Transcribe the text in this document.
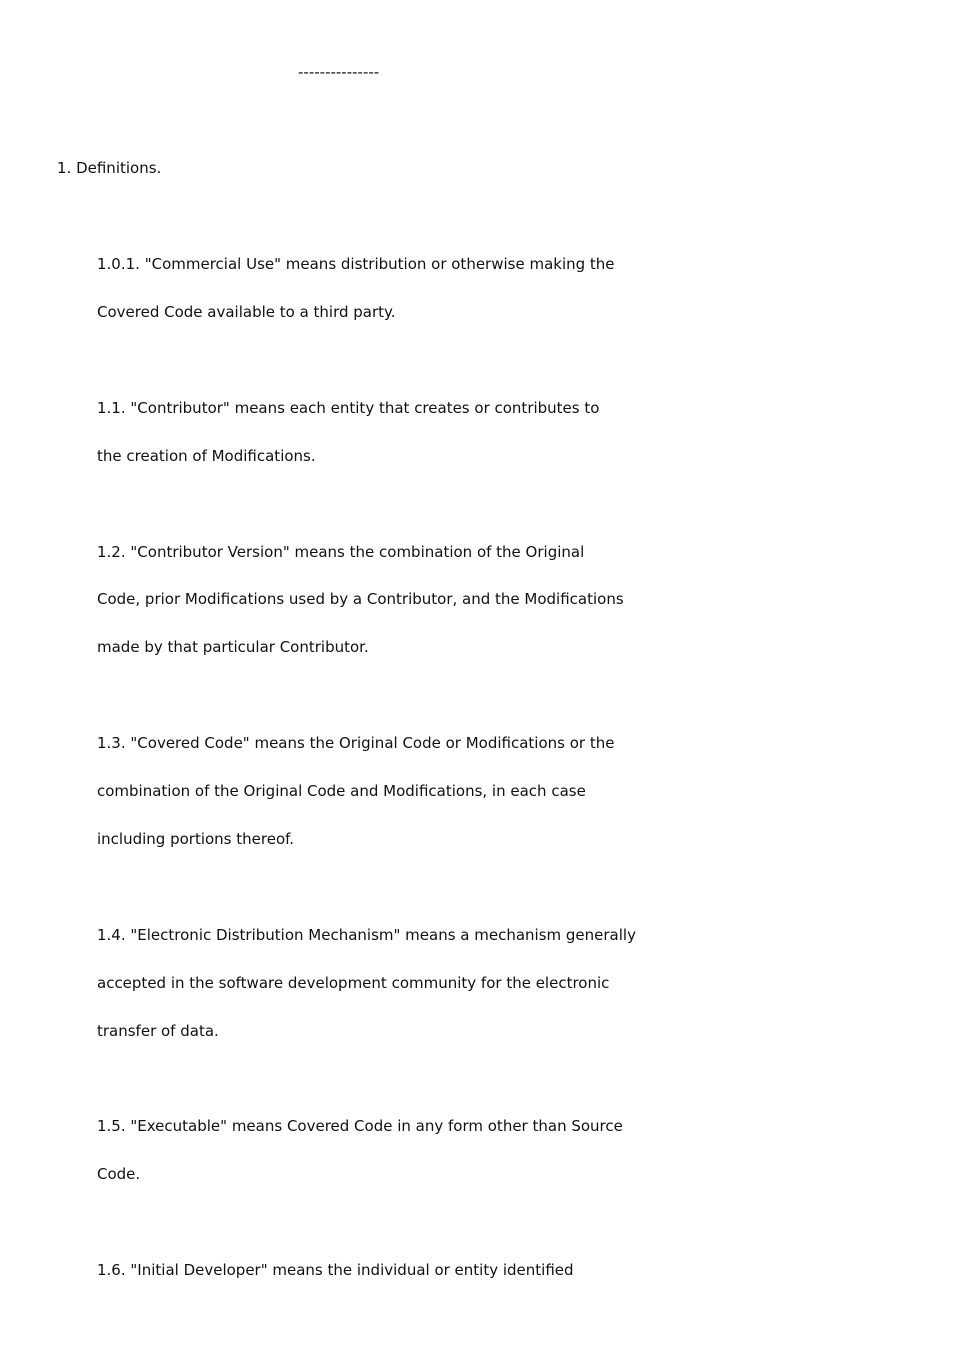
---------------

1. Definitions.

1.0.1. "Commercial Use" means distribution or otherwise making the

Covered Code available to a third party.

1.1. "Contributor" means each entity that creates or contributes to

the creation of Modifications.

1.2. "Contributor Version" means the combination of the Original

Code, prior Modifications used by a Contributor, and the Modifications

made by that particular Contributor.

1.3. "Covered Code" means the Original Code or Modifications or the

combination of the Original Code and Modifications, in each case

including portions thereof.

1.4. "Electronic Distribution Mechanism" means a mechanism generally

accepted in the software development community for the electronic

transfer of data.

1.5. "Executable" means Covered Code in any form other than Source

Code.

1.6. "Initial Developer" means the individual or entity identified
